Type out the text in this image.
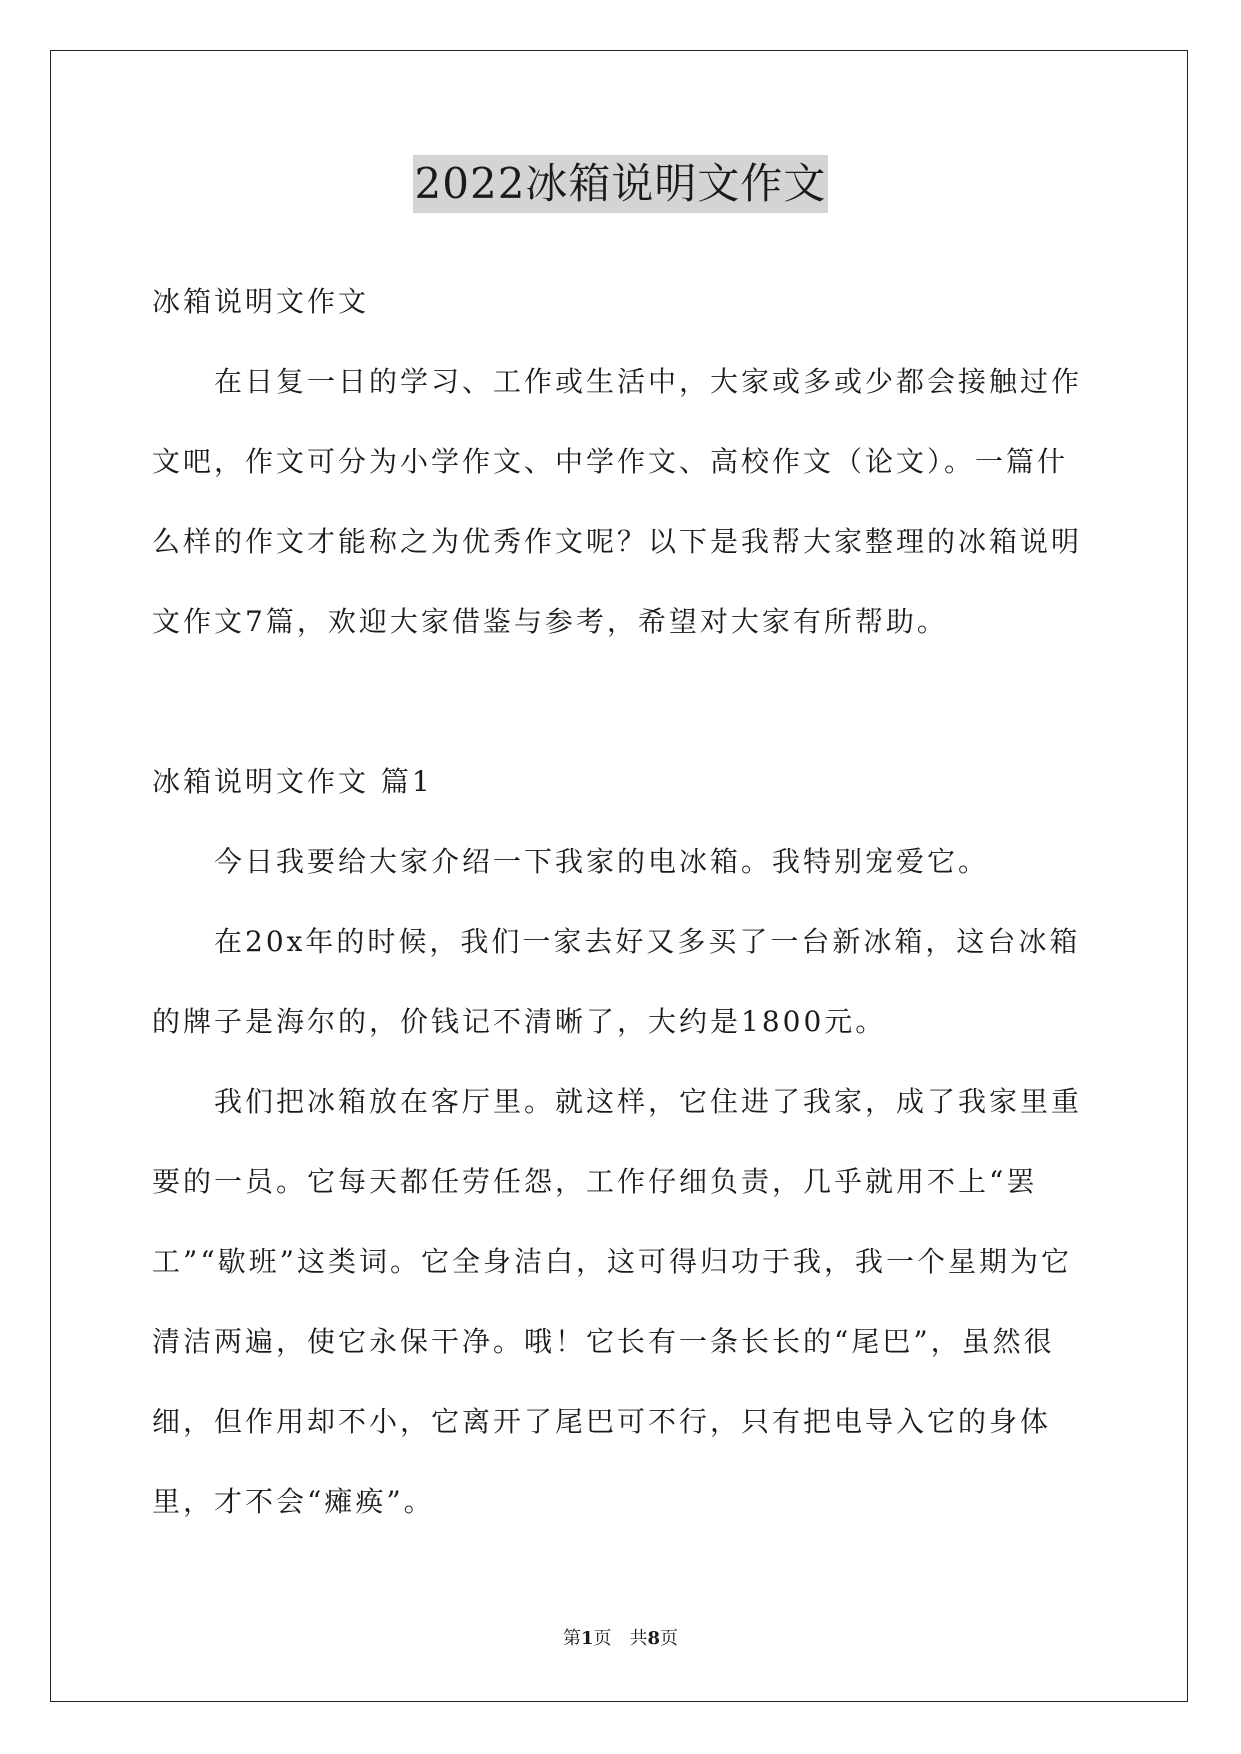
2022冰箱说明文作文

冰箱说明文作文

在日复一日的学习、工作或生活中，大家或多或少都会接触过作文吧，作文可分为小学作文、中学作文、高校作文（论文）。一篇什么样的作文才能称之为优秀作文呢？以下是我帮大家整理的冰箱说明文作文7篇，欢迎大家借鉴与参考，希望对大家有所帮助。

冰箱说明文作文 篇1

今日我要给大家介绍一下我家的电冰箱。我特别宠爱它。

在20x年的时候，我们一家去好又多买了一台新冰箱，这台冰箱的牌子是海尔的，价钱记不清晰了，大约是1800元。

我们把冰箱放在客厅里。就这样，它住进了我家，成了我家里重要的一员。它每天都任劳任怨，工作仔细负责，几乎就用不上“罢工”“歇班”这类词。它全身洁白，这可得归功于我，我一个星期为它清洁两遍，使它永保干净。哦！它长有一条长长的“尾巴”，虽然很细，但作用却不小，它离开了尾巴可不行，只有把电导入它的身体里，才不会“瘫痪”。

第1页　共8页
